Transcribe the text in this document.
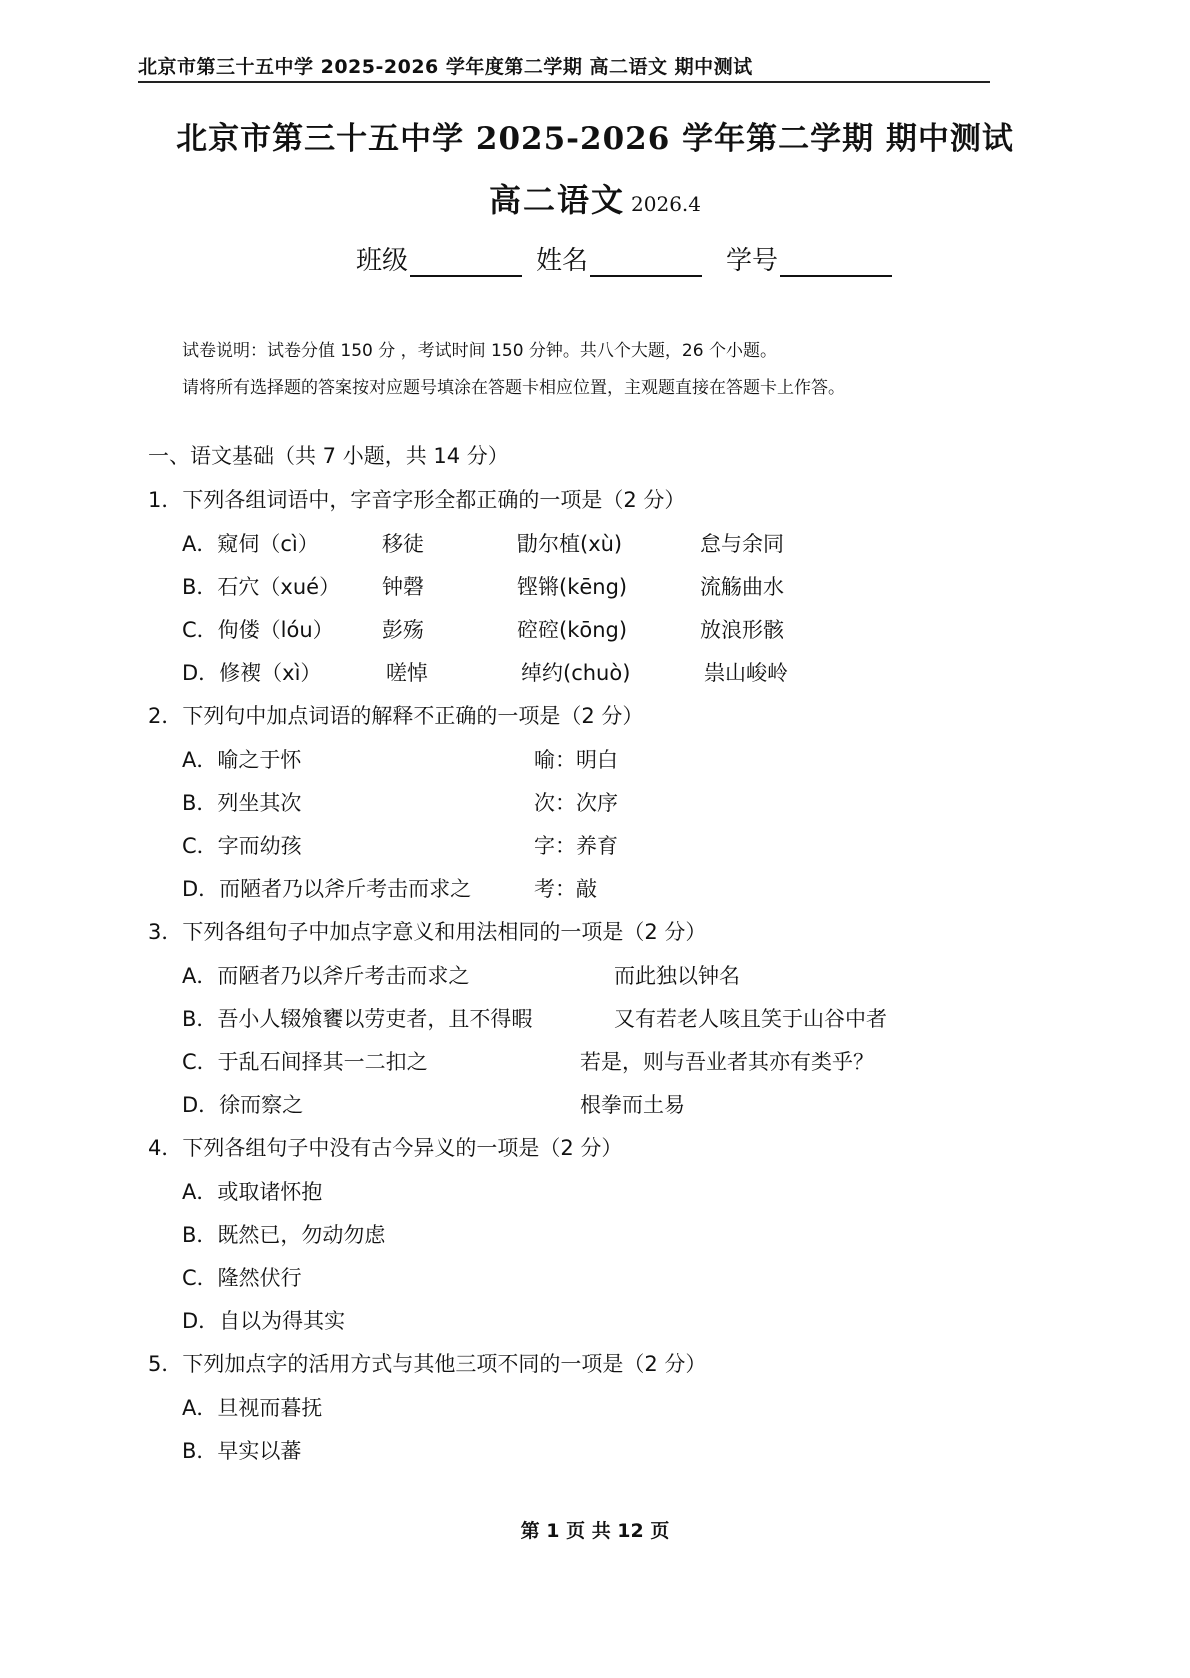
北京市第三十五中学 2025-2026 学年度第二学期 高二语文 期中测试
北京市第三十五中学 2025-2026 学年第二学期 期中测试
高二语文 2026.4
班级	姓名	学号
试卷说明：试卷分值 150 分 ，考试时间 150 分钟。共八个大题，26 个小题。
请将所有选择题的答案按对应题号填涂在答题卡相应位置，主观题直接在答题卡上作答。
一、语文基础（共 7 小题，共 14 分）
1．下列各组词语中，字音字形全都正确的一项是（2 分）
A．窥伺（cì）	移徒	勖尔植(xù)	怠与余同
B．石穴（xué） 钟磬	铿锵(kēng)	流觞曲水
C．佝偻（lóu） 彭殇	硿硿(kōng)	放浪形骸
D．修褉（xì）	嗟悼	绰约(chuò)	祟山峻岭
2．下列句中加点词语的解释不正确的一项是（2 分）
A．喻之于怀	喻：明白
B．列坐其次	次：次序
C．字而幼孩	字：养育
D．而陋者乃以斧斤考击而求之	考：敲
3．下列各组句子中加点字意义和用法相同的一项是（2 分）
A．而陋者乃以斧斤考击而求之	而此独以钟名
B．吾小人辍飧饔以劳吏者，且不得暇	又有若老人咳且笑于山谷中者
C．于乱石间择其一二扣之	若是，则与吾业者其亦有类乎？
D．徐而察之	根拳而土易
4．下列各组句子中没有古今异义的一项是（2 分）
A．或取诸怀抱
B．既然已，勿动勿虑
C．隆然伏行
D．自以为得其实
5．下列加点字的活用方式与其他三项不同的一项是（2 分）
A．旦视而暮抚
B．早实以蕃
第 1 页 共 12 页
